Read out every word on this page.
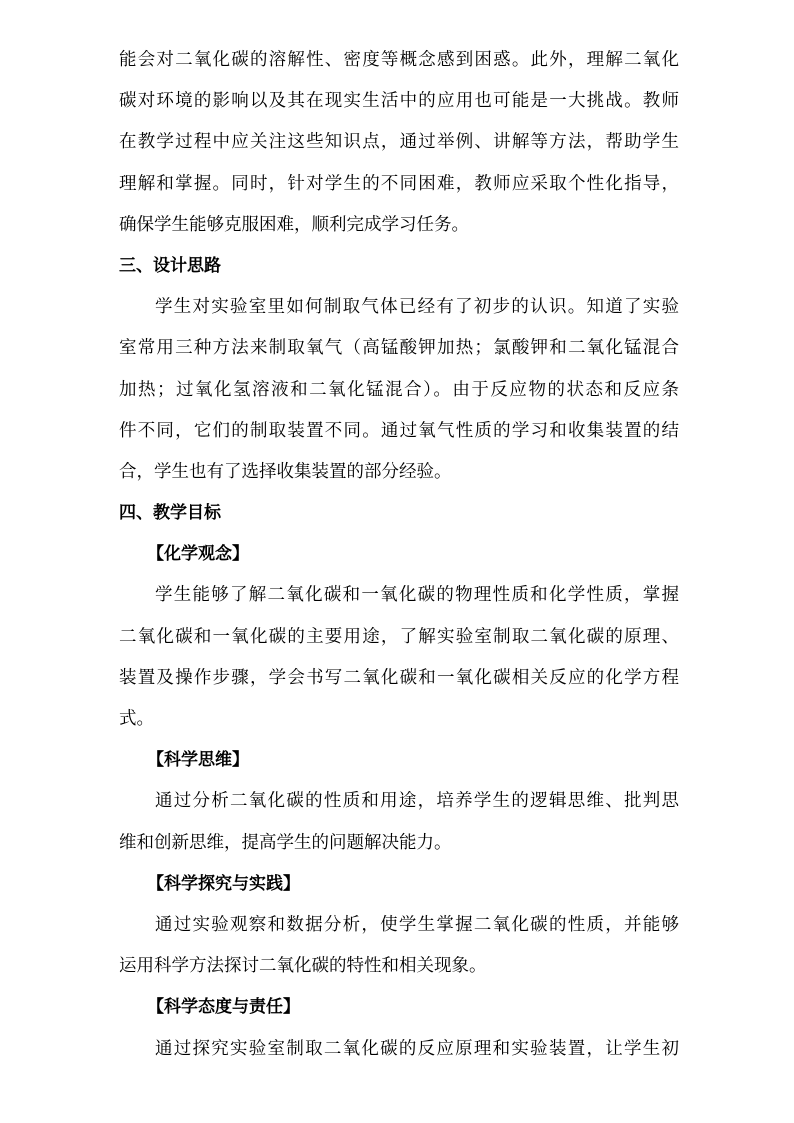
能会对二氧化碳的溶解性、密度等概念感到困惑。此外，理解二氧化
碳对环境的影响以及其在现实生活中的应用也可能是一大挑战。教师
在教学过程中应关注这些知识点，通过举例、讲解等方法，帮助学生
理解和掌握。同时，针对学生的不同困难，教师应采取个性化指导，
确保学生能够克服困难，顺利完成学习任务。
三、设计思路
学生对实验室里如何制取气体已经有了初步的认识。知道了实验
室常用三种方法来制取氧气（高锰酸钾加热；氯酸钾和二氧化锰混合
加热；过氧化氢溶液和二氧化锰混合）。由于反应物的状态和反应条
件不同，它们的制取装置不同。通过氧气性质的学习和收集装置的结
合，学生也有了选择收集装置的部分经验。
四、教学目标
【化学观念】
学生能够了解二氧化碳和一氧化碳的物理性质和化学性质，掌握
二氧化碳和一氧化碳的主要用途，了解实验室制取二氧化碳的原理、
装置及操作步骤，学会书写二氧化碳和一氧化碳相关反应的化学方程
式。
【科学思维】
通过分析二氧化碳的性质和用途，培养学生的逻辑思维、批判思
维和创新思维，提高学生的问题解决能力。
【科学探究与实践】
通过实验观察和数据分析，使学生掌握二氧化碳的性质，并能够
运用科学方法探讨二氧化碳的特性和相关现象。
【科学态度与责任】
通过探究实验室制取二氧化碳的反应原理和实验装置，让学生初
